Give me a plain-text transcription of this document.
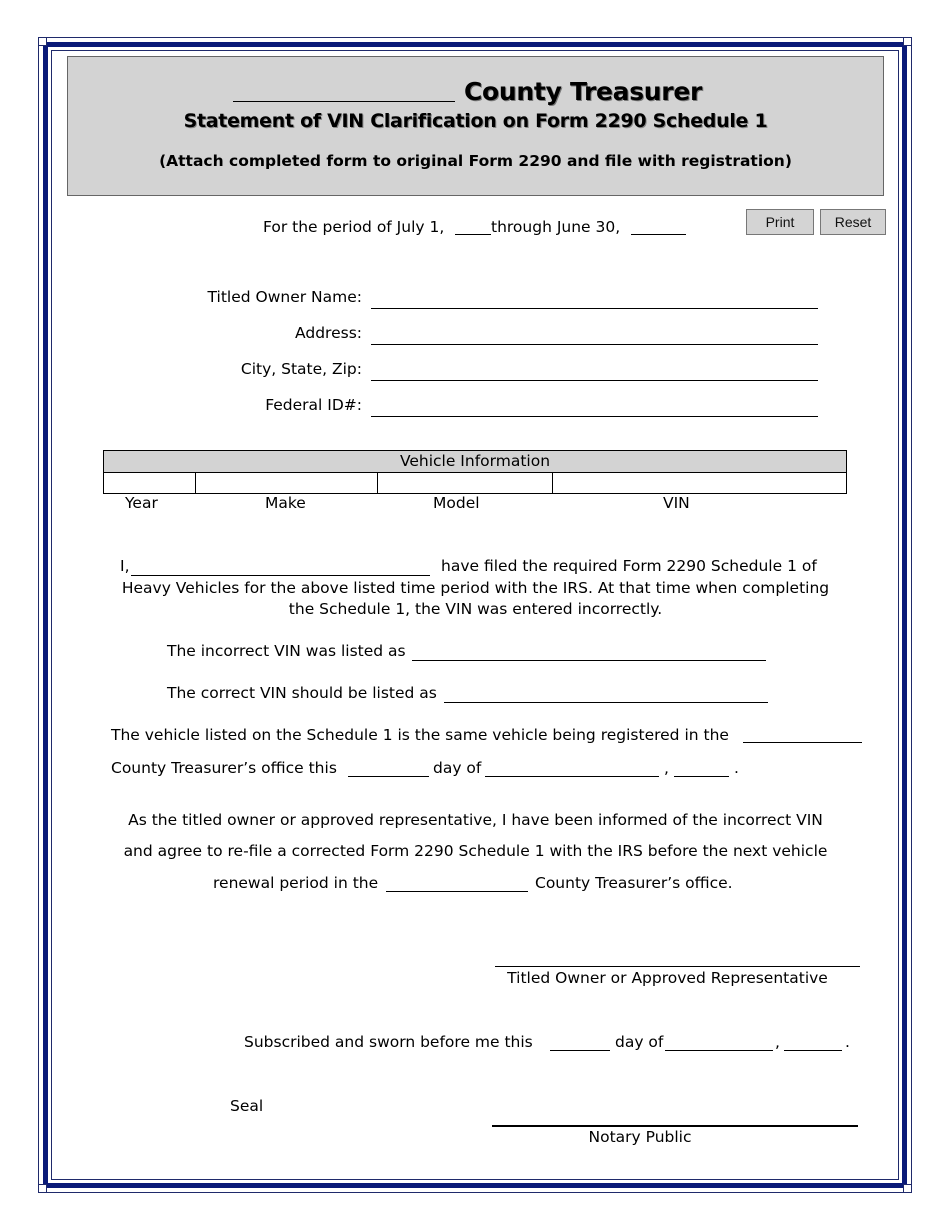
County Treasurer
Statement of VIN Clarification on Form 2290 Schedule 1
(Attach completed form to original Form 2290 and file with registration)
Print	Reset
For the period of July 1,	through June 30,
Titled Owner Name:
Address:
City, State, Zip:
Federal ID#:
Vehicle Information
Year	Make	Model	VIN
I,	have filed the required Form 2290 Schedule 1 of
Heavy Vehicles for the above listed time period with the IRS. At that time when completing
the Schedule 1, the VIN was entered incorrectly.
The incorrect VIN was listed as
The correct VIN should be listed as
The vehicle listed on the Schedule 1 is the same vehicle being registered in the
County Treasurer’s office this	day of	,	.
As the titled owner or approved representative, I have been informed of the incorrect VIN
and agree to re-file a corrected Form 2290 Schedule 1 with the IRS before the next vehicle
renewal period in the	County Treasurer’s office.
Titled Owner or Approved Representative
Subscribed and sworn before me this	day of	,	.
Seal
Notary Public
